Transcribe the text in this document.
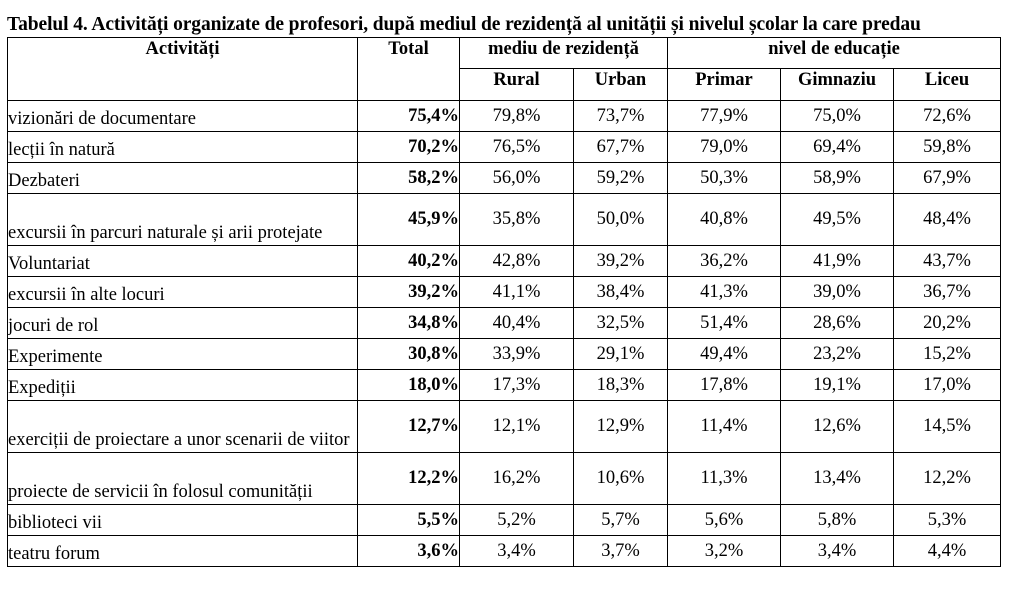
Tabelul 4. Activități organizate de profesori, după mediul de rezidență al unității și nivelul școlar la care predau

Activități	Total	mediu de rezidență		nivel de educație		
		Rural	Urban	Primar	Gimnaziu	Liceu
vizionări de documentare	75,4%	79,8%	73,7%	77,9%	75,0%	72,6%
lecții în natură	70,2%	76,5%	67,7%	79,0%	69,4%	59,8%
Dezbateri	58,2%	56,0%	59,2%	50,3%	58,9%	67,9%
excursii în parcuri naturale și arii protejate	45,9%	35,8%	50,0%	40,8%	49,5%	48,4%
Voluntariat	40,2%	42,8%	39,2%	36,2%	41,9%	43,7%
excursii în alte locuri	39,2%	41,1%	38,4%	41,3%	39,0%	36,7%
jocuri de rol	34,8%	40,4%	32,5%	51,4%	28,6%	20,2%
Experimente	30,8%	33,9%	29,1%	49,4%	23,2%	15,2%
Expediții	18,0%	17,3%	18,3%	17,8%	19,1%	17,0%
exerciții de proiectare a unor scenarii de viitor	12,7%	12,1%	12,9%	11,4%	12,6%	14,5%
proiecte de servicii în folosul comunității	12,2%	16,2%	10,6%	11,3%	13,4%	12,2%
biblioteci vii	5,5%	5,2%	5,7%	5,6%	5,8%	5,3%
teatru forum	3,6%	3,4%	3,7%	3,2%	3,4%	4,4%
